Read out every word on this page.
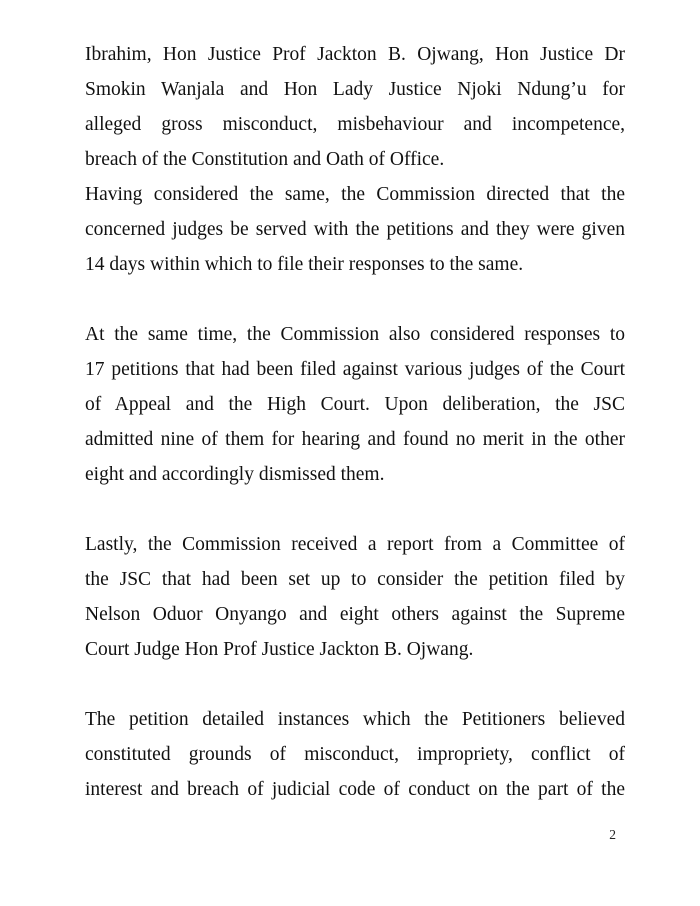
Ibrahim, Hon Justice Prof Jackton B. Ojwang, Hon Justice Dr
Smokin Wanjala and Hon Lady Justice Njoki Ndung’u for
alleged gross misconduct, misbehaviour and incompetence,
breach of the Constitution and Oath of Office.
Having considered the same, the Commission directed that the
concerned judges be served with the petitions and they were given
14 days within which to file their responses to the same.
At the same time, the Commission also considered responses to
17 petitions that had been filed against various judges of the Court
of Appeal and the High Court. Upon deliberation, the JSC
admitted nine of them for hearing and found no merit in the other
eight and accordingly dismissed them.
Lastly, the Commission received a report from a Committee of
the JSC that had been set up to consider the petition filed by
Nelson Oduor Onyango and eight others against the Supreme
Court Judge Hon Prof Justice Jackton B. Ojwang.
The petition detailed instances which the Petitioners believed
constituted grounds of misconduct, impropriety, conflict of
interest and breach of judicial code of conduct on the part of the
2
